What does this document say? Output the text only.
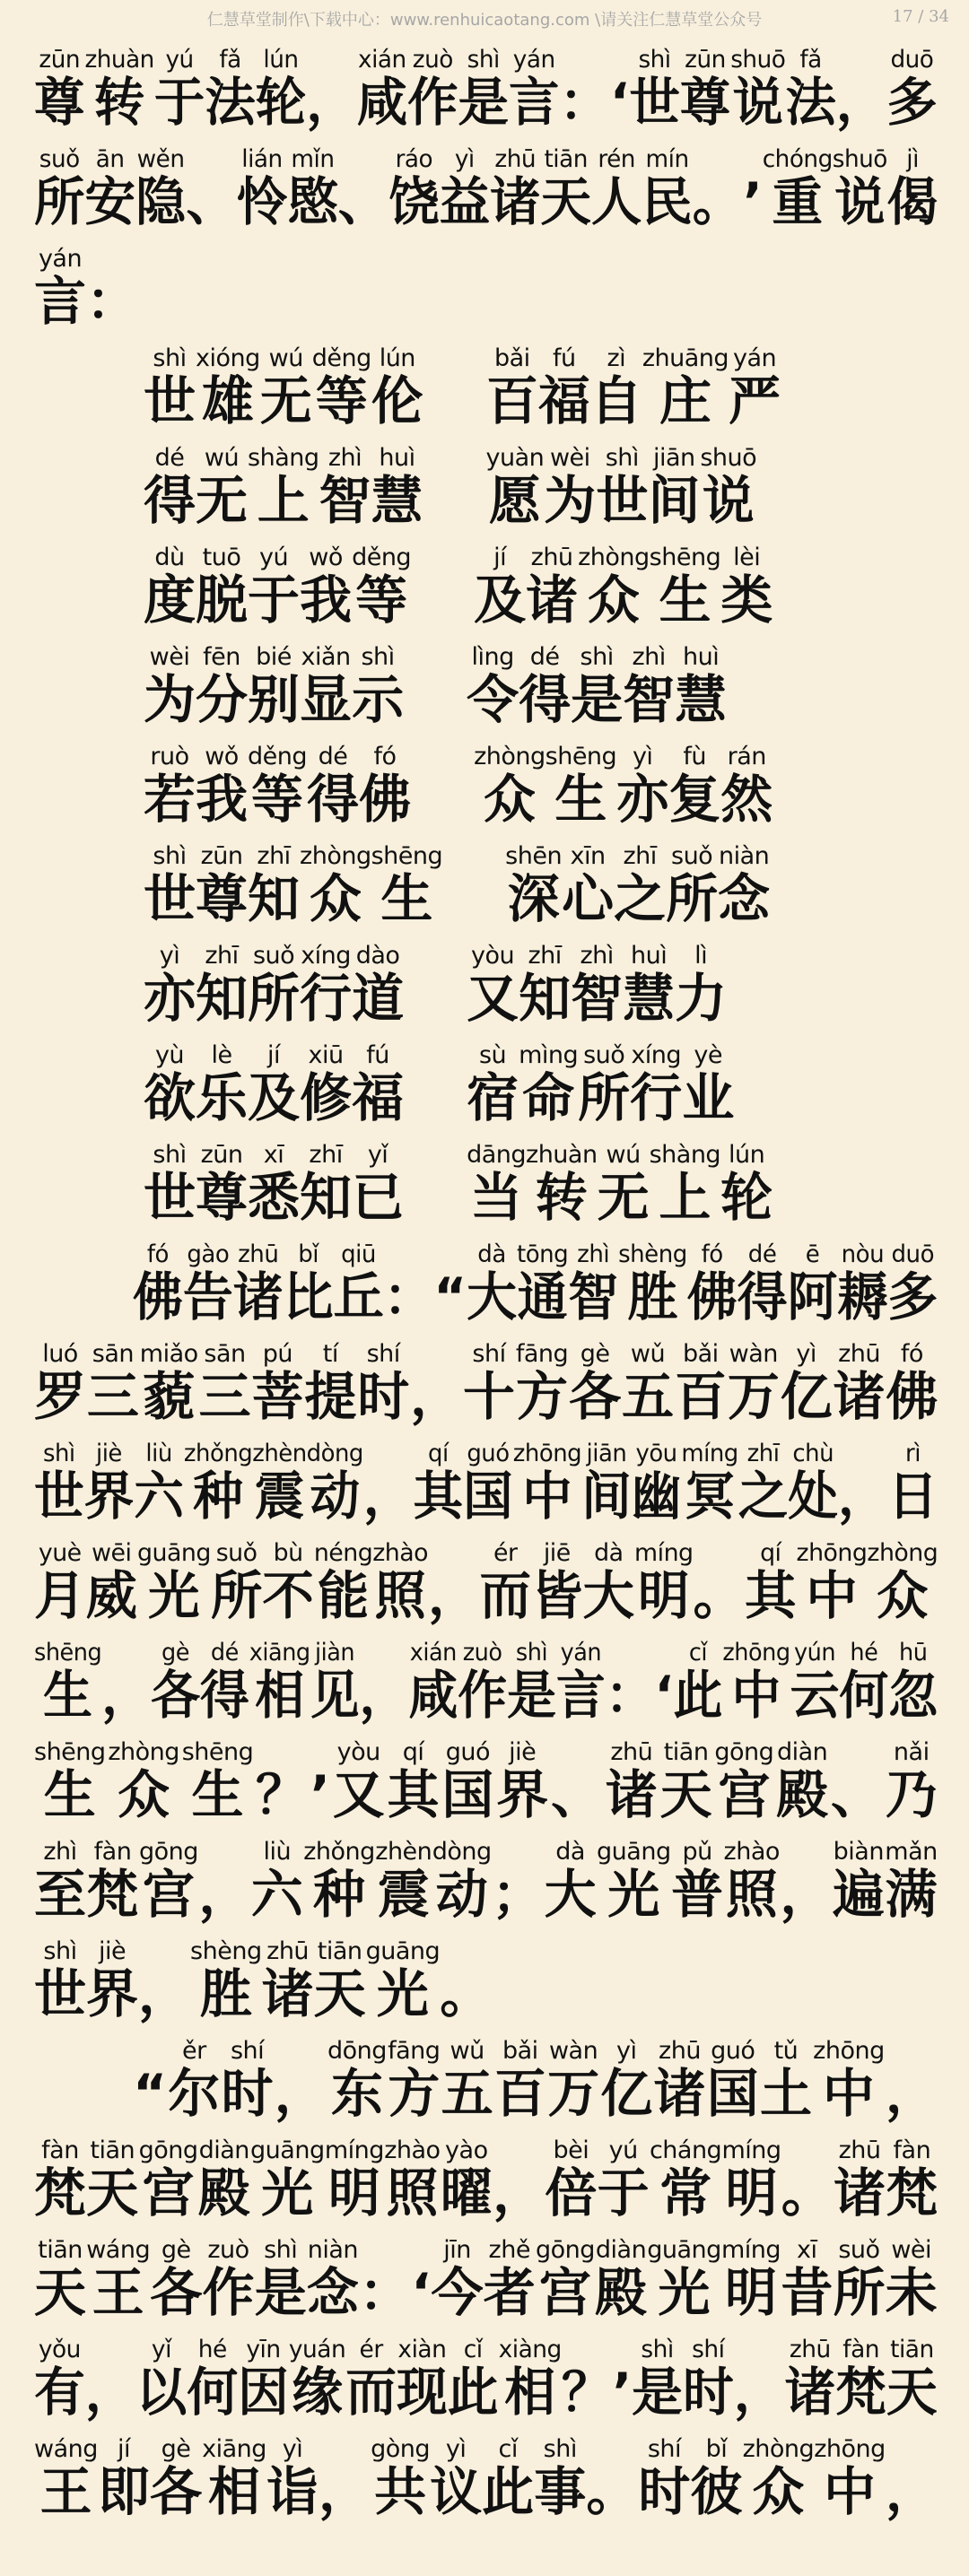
仁慧草堂制作\下载中心：www.renhuicaotang.com \请关注仁慧草堂公众号	17 / 34
zūn
尊
zhuàn
转
yú
于
fǎ
法
lún
轮
，
xián
咸
zuò
作
shì
是
yán
言
：
‘
shì
世
zūn
尊
shuō
说
fǎ
法
，
duō
多
suǒ
所
ān
安
wěn
隐
、
lián
怜
mǐn
愍
、
ráo
饶
yì
益
zhū
诸
tiān
天
rén
人
mín
民
。
’
chóng
重
shuō
说
jì
偈
yán
言
：
shì
世
xióng
雄
wú
无
děng
等
lún
伦
bǎi
百
fú
福
zì
自
zhuāng
庄
yán
严
dé
得
wú
无
shàng
上
zhì
智
huì
慧
yuàn
愿
wèi
为
shì
世
jiān
间
shuō
说
dù
度
tuō
脱
yú
于
wǒ
我
děng
等
jí
及
zhū
诸
zhòng
众
shēng
生
lèi
类
wèi
为
fēn
分
bié
别
xiǎn
显
shì
示
lìng
令
dé
得
shì
是
zhì
智
huì
慧
ruò
若
wǒ
我
děng
等
dé
得
fó
佛
zhòng
众
shēng
生
yì
亦
fù
复
rán
然
shì
世
zūn
尊
zhī
知
zhòng
众
shēng
生
shēn
深
xīn
心
zhī
之
suǒ
所
niàn
念
yì
亦
zhī
知
suǒ
所
xíng
行
dào
道
yòu
又
zhī
知
zhì
智
huì
慧
lì
力
yù
欲
lè
乐
jí
及
xiū
修
fú
福
sù
宿
mìng
命
suǒ
所
xíng
行
yè
业
shì
世
zūn
尊
xī
悉
zhī
知
yǐ
已
dāng
当
zhuàn
转
wú
无
shàng
上
lún
轮
fó
佛
gào
告
zhū
诸
bǐ
比
qiū
丘
：
“
dà
大
tōng
通
zhì
智
shèng
胜
fó
佛
dé
得
ē
阿
nòu
耨
duō
多
luó
罗
sān
三
miǎo
藐
sān
三
pú
菩
tí
提
shí
时
，
shí
十
fāng
方
gè
各
wǔ
五
bǎi
百
wàn
万
yì
亿
zhū
诸
fó
佛
shì
世
jiè
界
liù
六
zhǒng
种
zhèn
震
dòng
动
，
qí
其
guó
国
zhōng
中
jiān
间
yōu
幽
míng
冥
zhī
之
chù
处
，
rì
日
yuè
月
wēi
威
guāng
光
suǒ
所
bù
不
néng
能
zhào
照
，
ér
而
jiē
皆
dà
大
míng
明
。
qí
其
zhōng
中
zhòng
众
shēng
生
，
gè
各
dé
得
xiāng
相
jiàn
见
，
xián
咸
zuò
作
shì
是
yán
言
：
‘
cǐ
此
zhōng
中
yún
云
hé
何
hū
忽
shēng
生
zhòng
众
shēng
生
？
’
yòu
又
qí
其
guó
国
jiè
界
、
zhū
诸
tiān
天
gōng
宫
diàn
殿
、
nǎi
乃
zhì
至
fàn
梵
gōng
宫
，
liù
六
zhǒng
种
zhèn
震
dòng
动
；
dà
大
guāng
光
pǔ
普
zhào
照
，
biàn
遍
mǎn
满
shì
世
jiè
界
，
shèng
胜
zhū
诸
tiān
天
guāng
光
。

“
ěr
尔
shí
时
，
dōng
东
fāng
方
wǔ
五
bǎi
百
wàn
万
yì
亿
zhū
诸
guó
国
tǔ
土
zhōng
中
，
fàn
梵
tiān
天
gōng
宫
diàn
殿
guāng
光
míng
明
zhào
照
yào
曜
，
bèi
倍
yú
于
cháng
常
míng
明
。
zhū
诸
fàn
梵
tiān
天
wáng
王
gè
各
zuò
作
shì
是
niàn
念
：
‘
jīn
今
zhě
者
gōng
宫
diàn
殿
guāng
光
míng
明
xī
昔
suǒ
所
wèi
未
yǒu
有
，
yǐ
以
hé
何
yīn
因
yuán
缘
ér
而
xiàn
现
cǐ
此
xiàng
相
？
’
shì
是
shí
时
，
zhū
诸
fàn
梵
tiān
天
wáng
王
jí
即
gè
各
xiāng
相
yì
诣
，
gòng
共
yì
议
cǐ
此
shì
事
。
shí
时
bǐ
彼
zhòng
众
zhōng
中
，
